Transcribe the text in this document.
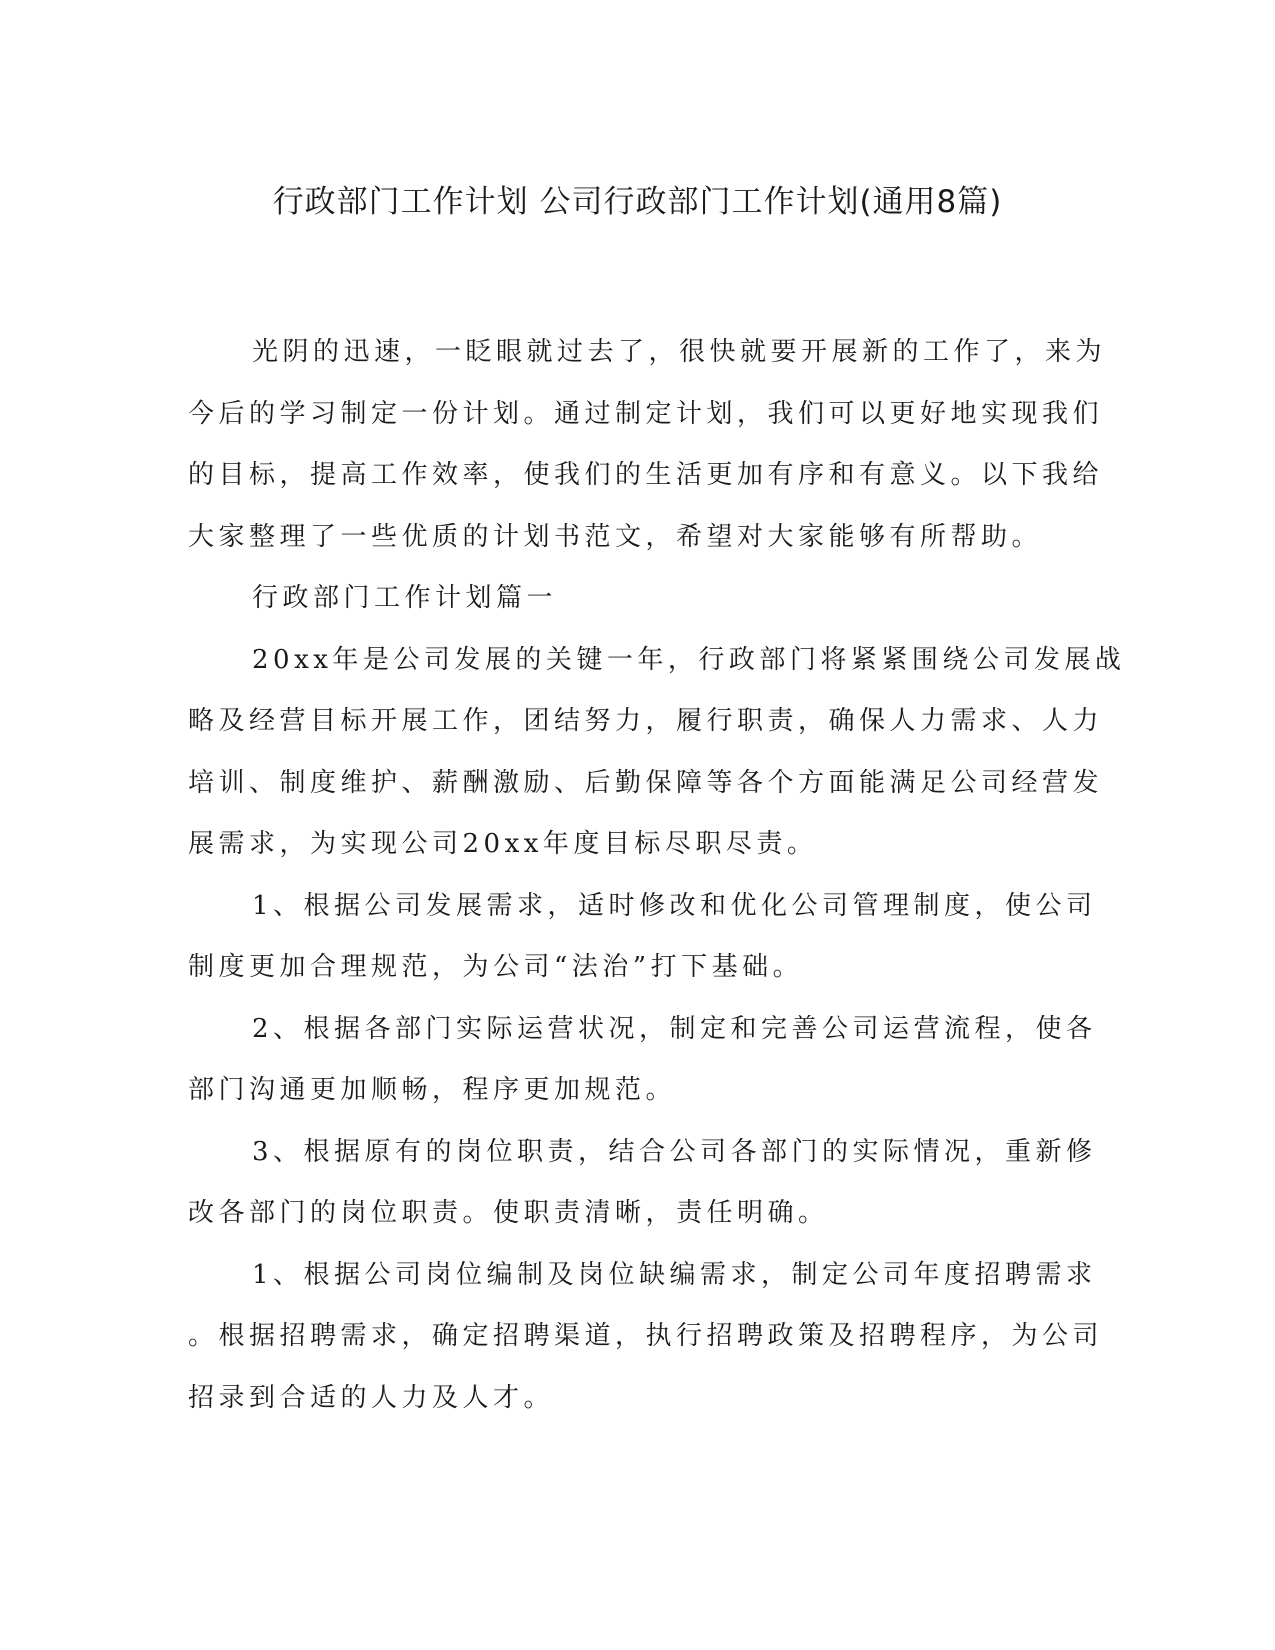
行政部门工作计划 公司行政部门工作计划(通用8篇)

光阴的迅速，一眨眼就过去了，很快就要开展新的工作了，来为
今后的学习制定一份计划。通过制定计划，我们可以更好地实现我们
的目标，提高工作效率，使我们的生活更加有序和有意义。以下我给
大家整理了一些优质的计划书范文，希望对大家能够有所帮助。

行政部门工作计划篇一

20xx年是公司发展的关键一年，行政部门将紧紧围绕公司发展战
略及经营目标开展工作，团结努力，履行职责，确保人力需求、人力
培训、制度维护、薪酬激励、后勤保障等各个方面能满足公司经营发
展需求，为实现公司20xx年度目标尽职尽责。

1、根据公司发展需求，适时修改和优化公司管理制度，使公司
制度更加合理规范，为公司“法治”打下基础。

2、根据各部门实际运营状况，制定和完善公司运营流程，使各
部门沟通更加顺畅，程序更加规范。

3、根据原有的岗位职责，结合公司各部门的实际情况，重新修
改各部门的岗位职责。使职责清晰，责任明确。

1、根据公司岗位编制及岗位缺编需求，制定公司年度招聘需求
。根据招聘需求，确定招聘渠道，执行招聘政策及招聘程序，为公司
招录到合适的人力及人才。
